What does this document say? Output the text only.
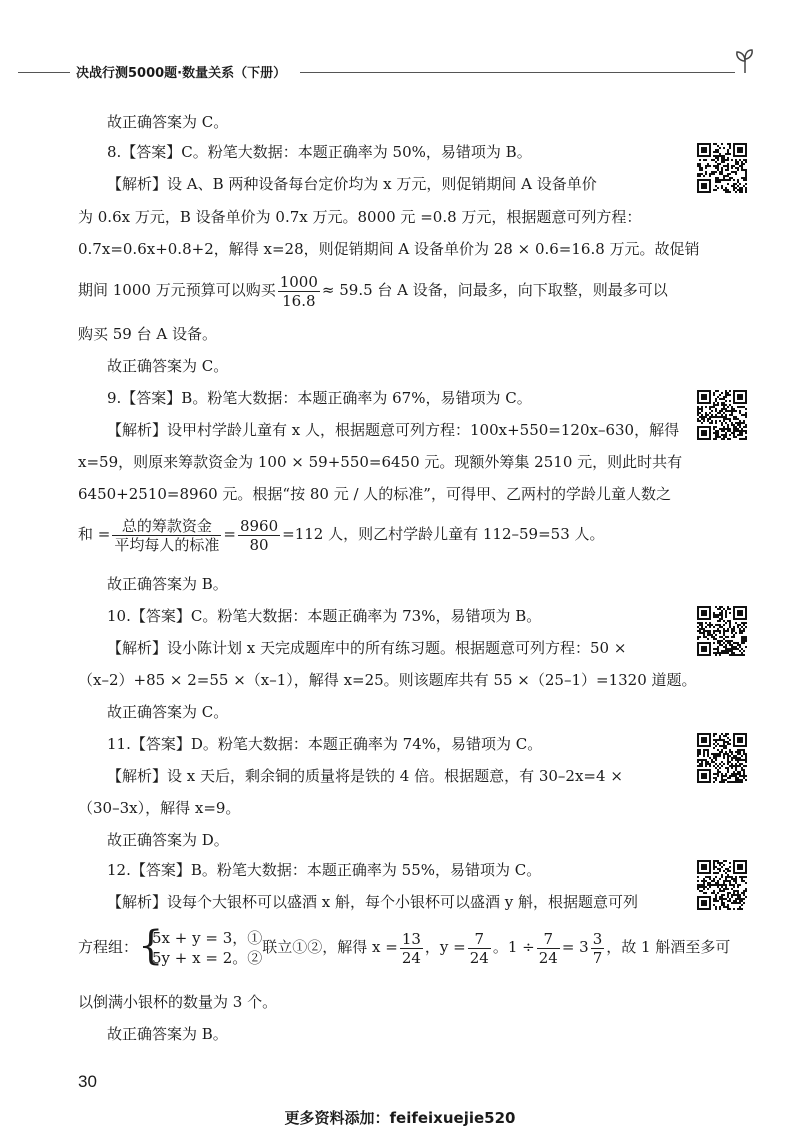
决战行测5000题·数量关系（下册）
故正确答案为 C。
8.【答案】C。粉笔大数据：本题正确率为 50%，易错项为 B。
【解析】设 A、B 两种设备每台定价均为 x 万元，则促销期间 A 设备单价
为 0.6x 万元，B 设备单价为 0.7x 万元。8000 元 =0.8 万元，根据题意可列方程：
0.7x=0.6x+0.8+2，解得 x=28，则促销期间 A 设备单价为 28 × 0.6=16.8 万元。故促销
期间 1000 万元预算可以购买 $\frac{1000}{16.8} \approx 59.5$ 台 A 设备，问最多，向下取整，则最多可以
购买 59 台 A 设备。
故正确答案为 C。
9.【答案】B。粉笔大数据：本题正确率为 67%，易错项为 C。
【解析】设甲村学龄儿童有 x 人，根据题意可列方程：100x+550=120x–630，解得
x=59，则原来筹款资金为 100 × 59+550=6450 元。现额外筹集 2510 元，则此时共有
6450+2510=8960 元。根据“按 80 元 / 人的标准”，可得甲、乙两村的学龄儿童人数之
和 = $\frac{\text{总的筹款资金}}{\text{平均每人的标准}} = \frac{8960}{80} =112$ 人，则乙村学龄儿童有 112–59=53 人。
故正确答案为 B。
10.【答案】C。粉笔大数据：本题正确率为 73%，易错项为 B。
【解析】设小陈计划 x 天完成题库中的所有练习题。根据题意可列方程：50 ×
（x–2）+85 × 2=55 ×（x–1），解得 x=25。则该题库共有 55 ×（25–1）=1320 道题。
故正确答案为 C。
11.【答案】D。粉笔大数据：本题正确率为 74%，易错项为 C。
【解析】设 x 天后，剩余铜的质量将是铁的 4 倍。根据题意，有 30–2x=4 ×
（30–3x），解得 x=9。
故正确答案为 D。
12.【答案】B。粉笔大数据：本题正确率为 55%，易错项为 C。
【解析】设每个大银杯可以盛酒 x 斛，每个小银杯可以盛酒 y 斛，根据题意可列
方程组： {
5x + y = 3，①
5y + x = 2。②
联立①②，解得 $x = \frac{13}{24}$ ，$y = \frac{7}{24}$ 。$1 \div \frac{7}{24} = 3 \frac{3}{7}$ ，故 1 斛酒至多可
以倒满小银杯的数量为 3 个。
故正确答案为 B。
30
更多资料添加：feifeixuejie520
